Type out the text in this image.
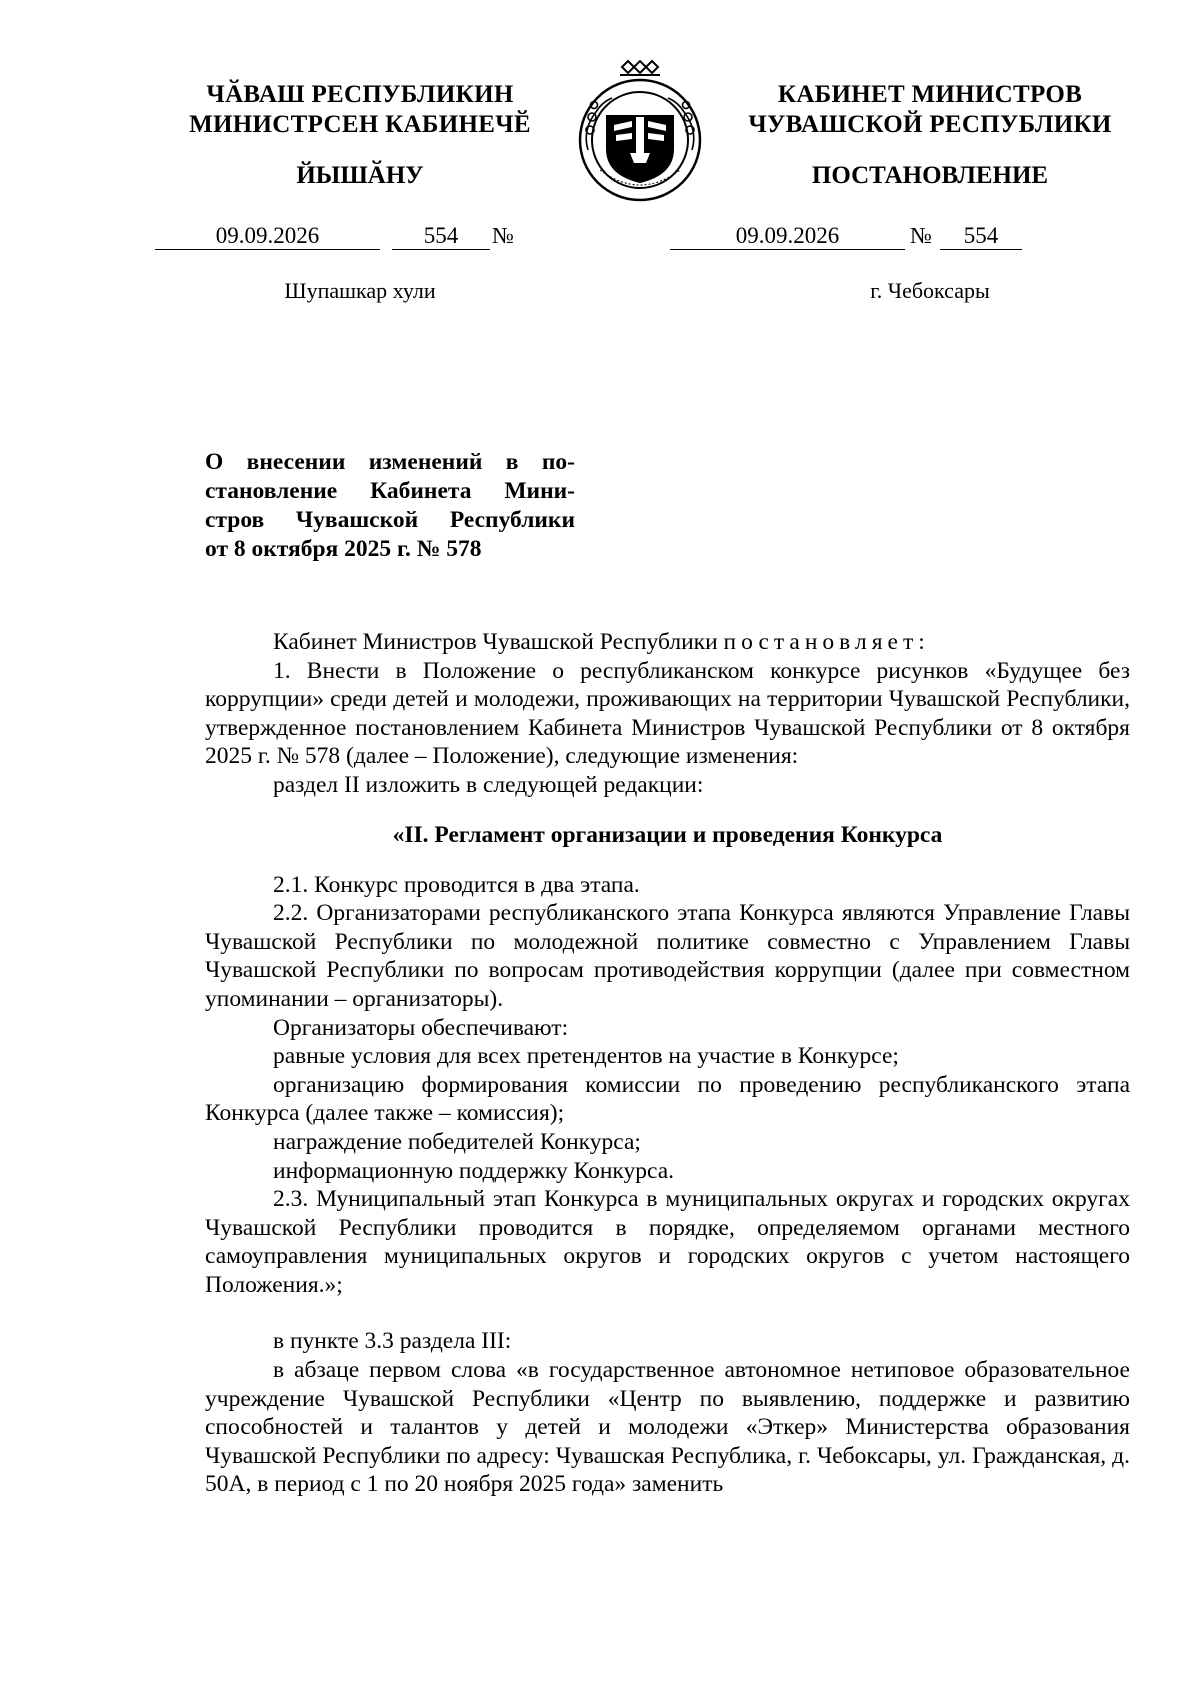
ЧӐВАШ РЕСПУБЛИКИН
МИНИСТРСЕН КАБИНЕЧӖ
КАБИНЕТ МИНИСТРОВ
ЧУВАШСКОЙ РЕСПУБЛИКИ
ЙЫШӐНУ	ПОСТАНОВЛЕНИЕ
09.09.2026	554	№	09.09.2026	№	554
Шупашкар хули	г. Чебоксары
О внесении изменений в по-
становление Кабинета Мини-
стров Чувашской Республики
от 8 октября 2025 г. № 578

Кабинет Министров Чувашской Республики постановляет:

1. Внести в Положение о республиканском конкурсе рисунков «Будущее без коррупции» среди детей и молодежи, проживающих на территории Чувашской Республики, утвержденное постановлением Кабинета Министров Чувашской Республики от 8 октября 2025 г. № 578 (далее – Положение), следующие изменения:

раздел II изложить в следующей редакции:

«II. Регламент организации и проведения Конкурса

2.1. Конкурс проводится в два этапа.

2.2. Организаторами республиканского этапа Конкурса являются Управление Главы Чувашской Республики по молодежной политике совместно с Управлением Главы Чувашской Республики по вопросам противодействия коррупции (далее при совместном упоминании – организаторы).

Организаторы обеспечивают:

равные условия для всех претендентов на участие в Конкурсе;

организацию формирования комиссии по проведению республиканского этапа Конкурса (далее также – комиссия);

награждение победителей Конкурса;

информационную поддержку Конкурса.

2.3. Муниципальный этап Конкурса в муниципальных округах и городских округах Чувашской Республики проводится в порядке, определяемом органами местного самоуправления муниципальных округов и городских округов с учетом настоящего Положения.»;

в пункте 3.3 раздела III:

в абзаце первом слова «в государственное автономное нетиповое образовательное учреждение Чувашской Республики «Центр по выявлению, поддержке и развитию способностей и талантов у детей и молодежи «Эткер» Министерства образования Чувашской Республики по адресу: Чувашская Республика, г. Чебоксары, ул. Гражданская, д. 50А, в период с 1 по 20 ноября 2025 года» заменить
